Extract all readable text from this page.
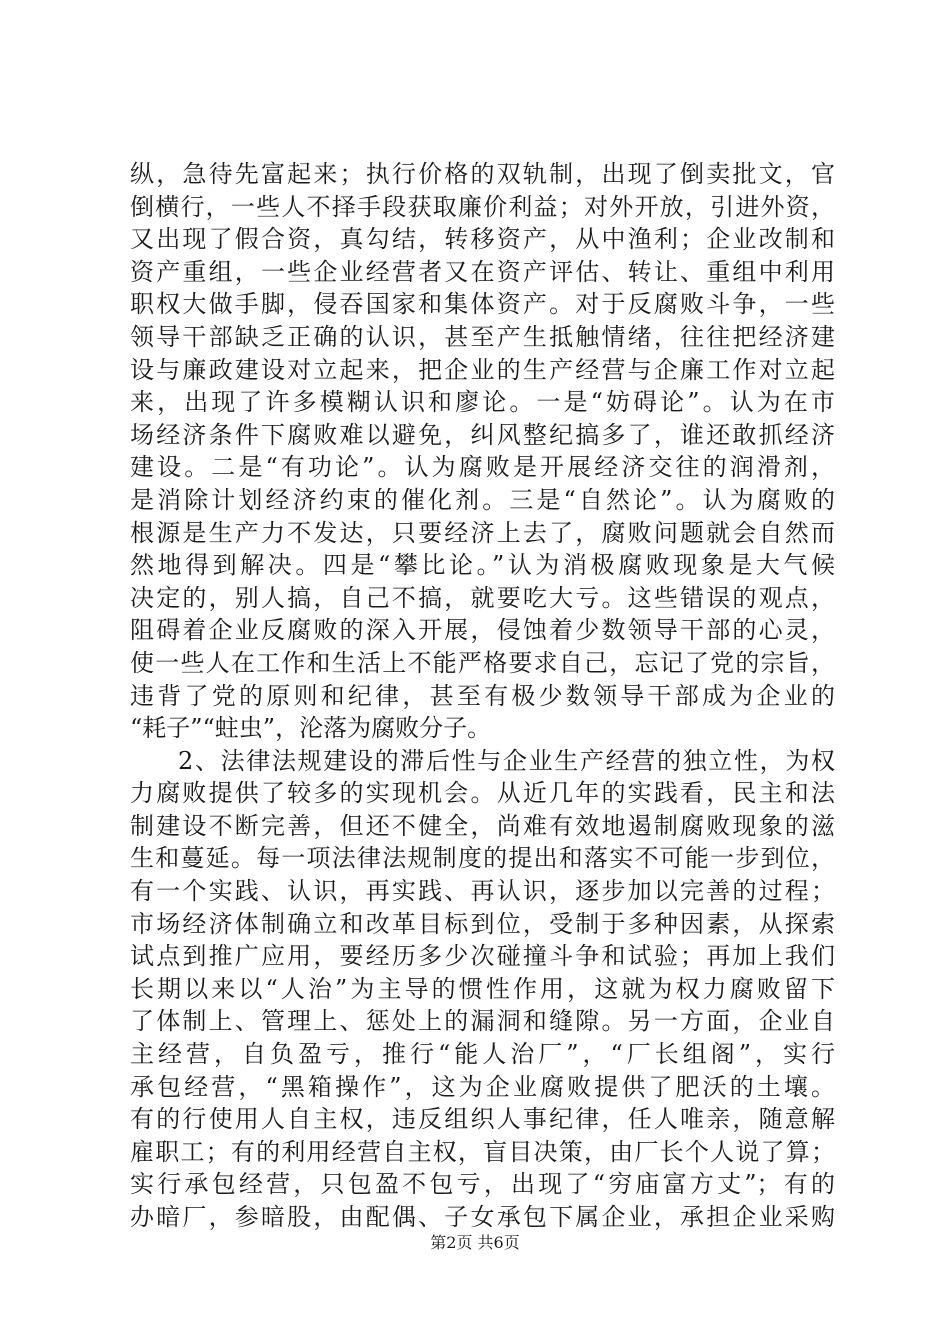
纵，急待先富起来；执行价格的双轨制，出现了倒卖批文，官
倒横行，一些人不择手段获取廉价利益；对外开放，引进外资，
又出现了假合资，真勾结，转移资产，从中渔利；企业改制和
资产重组，一些企业经营者又在资产评估、转让、重组中利用
职权大做手脚，侵吞国家和集体资产。对于反腐败斗争，一些
领导干部缺乏正确的认识，甚至产生抵触情绪，往往把经济建
设与廉政建设对立起来，把企业的生产经营与企廉工作对立起
来，出现了许多模糊认识和廖论。一是“妨碍论”。认为在市
场经济条件下腐败难以避免，纠风整纪搞多了，谁还敢抓经济
建设。二是“有功论”。认为腐败是开展经济交往的润滑剂，
是消除计划经济约束的催化剂。三是“自然论”。认为腐败的
根源是生产力不发达，只要经济上去了，腐败问题就会自然而
然地得到解决。四是“攀比论。”认为消极腐败现象是大气候
决定的，别人搞，自己不搞，就要吃大亏。这些错误的观点，
阻碍着企业反腐败的深入开展，侵蚀着少数领导干部的心灵，
使一些人在工作和生活上不能严格要求自己，忘记了党的宗旨，
违背了党的原则和纪律，甚至有极少数领导干部成为企业的
“耗子”“蛀虫”，沦落为腐败分子。
2、法律法规建设的滞后性与企业生产经营的独立性，为权
力腐败提供了较多的实现机会。从近几年的实践看，民主和法
制建设不断完善，但还不健全，尚难有效地遏制腐败现象的滋
生和蔓延。每一项法律法规制度的提出和落实不可能一步到位，
有一个实践、认识，再实践、再认识，逐步加以完善的过程；
市场经济体制确立和改革目标到位，受制于多种因素，从探索
试点到推广应用，要经历多少次碰撞斗争和试验；再加上我们
长期以来以“人治”为主导的惯性作用，这就为权力腐败留下
了体制上、管理上、惩处上的漏洞和缝隙。另一方面，企业自
主经营，自负盈亏，推行“能人治厂”，“厂长组阁”，实行
承包经营，“黑箱操作”，这为企业腐败提供了肥沃的土壤。
有的行使用人自主权，违反组织人事纪律，任人唯亲，随意解
雇职工；有的利用经营自主权，盲目决策，由厂长个人说了算；
实行承包经营，只包盈不包亏，出现了“穷庙富方丈”；有的
办暗厂，参暗股，由配偶、子女承包下属企业，承担企业采购
第2页 共6页
